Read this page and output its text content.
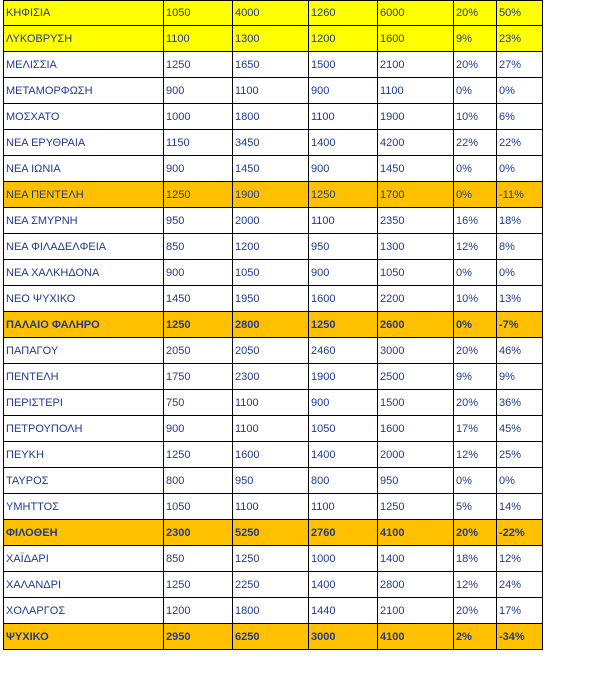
ΚΗΦΙΣΙΑ	1050	4000	1260	6000	20%	50%
ΛΥΚΟΒΡΥΣΗ	1100	1300	1200	1600	9%	23%
ΜΕΛΙΣΣΙΑ	1250	1650	1500	2100	20%	27%
ΜΕΤΑΜΟΡΦΩΣΗ	900	1100	900	1100	0%	0%
ΜΟΣΧΑΤΟ	1000	1800	1100	1900	10%	6%
ΝΕΑ ΕΡΥΘΡΑΙΑ	1150	3450	1400	4200	22%	22%
ΝΕΑ ΙΩΝΙΑ	900	1450	900	1450	0%	0%
ΝΕΑ ΠΕΝΤΕΛΗ	1250	1900	1250	1700	0%	-11%
ΝΕΑ ΣΜΥΡΝΗ	950	2000	1100	2350	16%	18%
ΝΕΑ ΦΙΛΑΔΕΛΦΕΙΑ	850	1200	950	1300	12%	8%
ΝΕΑ ΧΑΛΚΗΔΟΝΑ	900	1050	900	1050	0%	0%
ΝΕΟ ΨΥΧΙΚΟ	1450	1950	1600	2200	10%	13%
ΠΑΛΑΙΟ ΦΑΛΗΡΟ	1250	2800	1250	2600	0%	-7%
ΠΑΠΑΓΟΥ	2050	2050	2460	3000	20%	46%
ΠΕΝΤΕΛΗ	1750	2300	1900	2500	9%	9%
ΠΕΡΙΣΤΕΡΙ	750	1100	900	1500	20%	36%
ΠΕΤΡΟΥΠΟΛΗ	900	1100	1050	1600	17%	45%
ΠΕΥΚΗ	1250	1600	1400	2000	12%	25%
ΤΑΥΡΟΣ	800	950	800	950	0%	0%
ΥΜΗΤΤΟΣ	1050	1100	1100	1250	5%	14%
ΦΙΛΟΘΕΗ	2300	5250	2760	4100	20%	-22%
ΧΑΪΔΑΡΙ	850	1250	1000	1400	18%	12%
ΧΑΛΑΝΔΡΙ	1250	2250	1400	2800	12%	24%
ΧΟΛΑΡΓΟΣ	1200	1800	1440	2100	20%	17%
ΨΥΧΙΚΟ	2950	6250	3000	4100	2%	-34%
